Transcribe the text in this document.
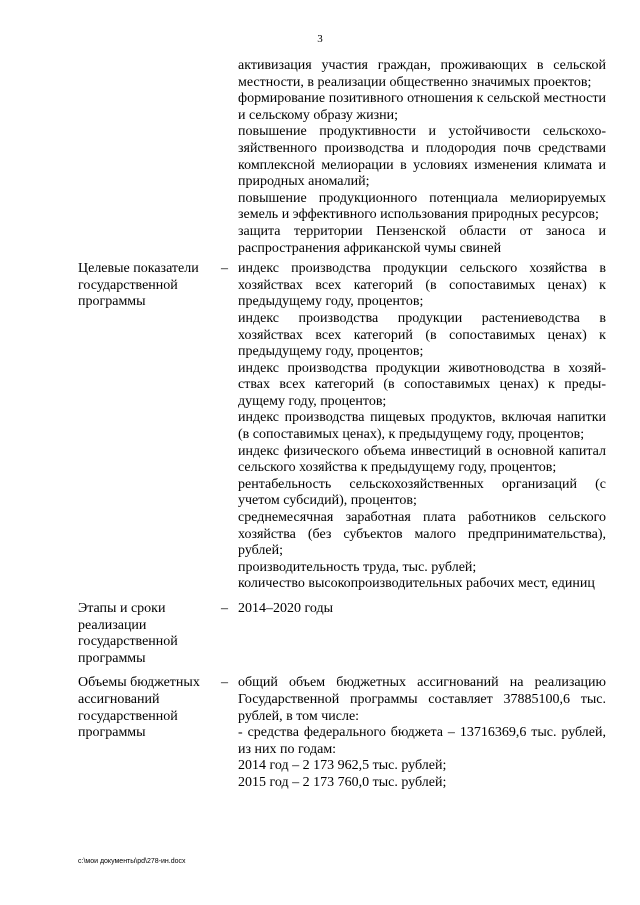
3

активизация участия граждан, проживающих в сельской местности, в реализации общественно значимых проектов;

формирование позитивного отношения к сельской местности и сельскому образу жизни;

повышение продуктивности и устойчивости сельскохозяйственного производства и плодородия почв средствами комплексной мелиорации в условиях изменения климата и природных аномалий;

повышение продукционного потенциала мелиорируемых земель и эффективного использования природных ресурсов;

защита территории Пензенской области от заноса и распространения африканской чумы свиней

Целевые показатели государственной программы
– индекс производства продукции сельского хозяйства в хозяйствах всех категорий (в сопоставимых ценах) к предыдущему году, процентов;

индекс производства продукции растениеводства в хозяйствах всех категорий (в сопоставимых ценах) к предыдущему году, процентов;

индекс производства продукции животноводства в хозяйствах всех категорий (в сопоставимых ценах) к предыдущему году, процентов;

индекс производства пищевых продуктов, включая напитки (в сопоставимых ценах), к предыдущему году, процентов;

индекс физического объема инвестиций в основной капитал сельского хозяйства к предыдущему году, процентов;

рентабельность сельскохозяйственных организаций (с учетом субсидий), процентов;

среднемесячная заработная плата работников сельского хозяйства (без субъектов малого предпринимательства), рублей;

производительность труда, тыс. рублей;

количество высокопроизводительных рабочих мест, единиц

Этапы и сроки реализации государственной программы
– 2014–2020 годы

Объемы бюджетных ассигнований государственной программы
– общий объем бюджетных ассигнований на реализацию Государственной программы составляет 37885100,6 тыс. рублей, в том числе:

- средства федерального бюджета – 13716369,6 тыс. рублей, из них по годам:

2014 год – 2 173 962,5 тыс. рублей;

2015 год – 2 173 760,0 тыс. рублей;

c:\мои документы\pd\278-ин.docx
